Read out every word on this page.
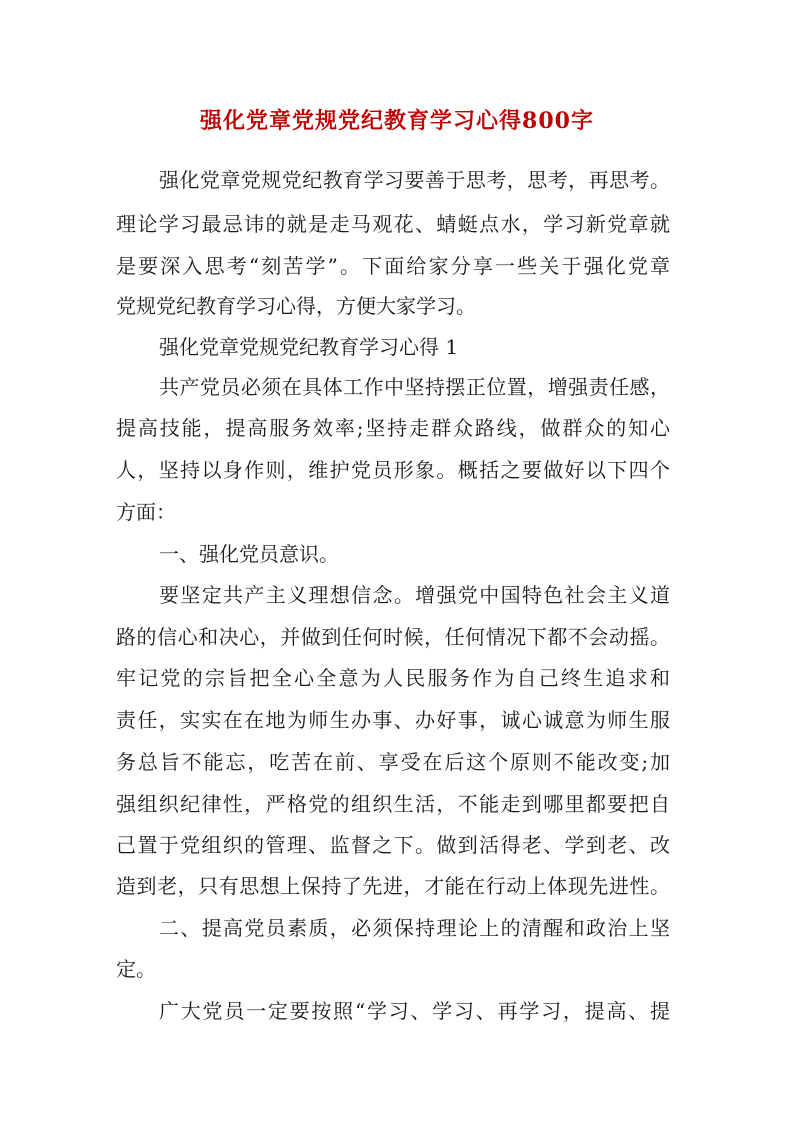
强化党章党规党纪教育学习心得800字

强化党章党规党纪教育学习要善于思考，思考，再思考。

理论学习最忌讳的就是走马观花、蜻蜓点水，学习新党章就

是要深入思考“刻苦学”。下面给家分享一些关于强化党章

党规党纪教育学习心得，方便大家学习。

强化党章党规党纪教育学习心得 1

共产党员必须在具体工作中坚持摆正位置，增强责任感，

提高技能，提高服务效率;坚持走群众路线，做群众的知心

人，坚持以身作则，维护党员形象。概括之要做好以下四个

方面：

一、强化党员意识。

要坚定共产主义理想信念。增强党中国特色社会主义道

路的信心和决心，并做到任何时候，任何情况下都不会动摇。

牢记党的宗旨把全心全意为人民服务作为自己终生追求和

责任，实实在在地为师生办事、办好事，诚心诚意为师生服

务总旨不能忘，吃苦在前、享受在后这个原则不能改变;加

强组织纪律性，严格党的组织生活，不能走到哪里都要把自

己置于党组织的管理、监督之下。做到活得老、学到老、改

造到老，只有思想上保持了先进，才能在行动上体现先进性。

二、提高党员素质，必须保持理论上的清醒和政治上坚

定。

广大党员一定要按照“学习、学习、再学习，提高、提
